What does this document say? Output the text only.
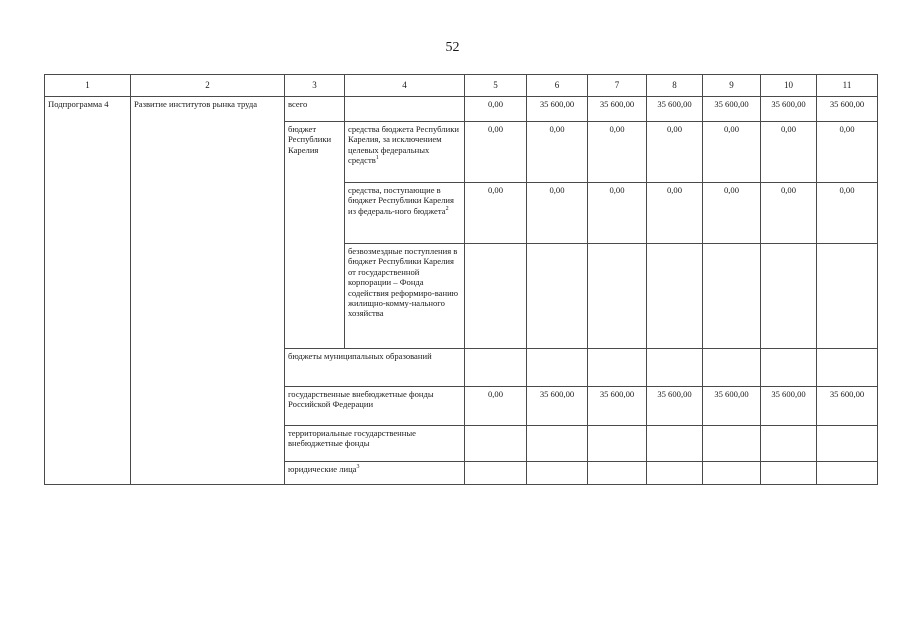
52
1	2	3	4	5	6	7	8	9	10	11
Подпрограмма 4	Развитие институтов рынка труда	всего		0,00	35 600,00	35 600,00	35 600,00	35 600,00	35 600,00	35 600,00
		бюджет Республики Карелия	средства бюджета Республики Карелия, за исключением целевых федеральных средств$^1$	0,00	0,00	0,00	0,00	0,00	0,00	0,00
			средства, поступающие в бюджет Республики Карелия из федераль-ного бюджета$^2$	0,00	0,00	0,00	0,00	0,00	0,00	0,00
			безвозмездные поступления в бюджет Республики Карелия от государственной корпорации – Фонда содействия реформиро-ванию жилищно-комму-нального хозяйства							
		бюджеты муниципальных образований								
		государственные внебюджетные фонды Российской Федерации		0,00	35 600,00	35 600,00	35 600,00	35 600,00	35 600,00	35 600,00
		территориальные государственные внебюджетные фонды								
		юридические лица$^3$							
